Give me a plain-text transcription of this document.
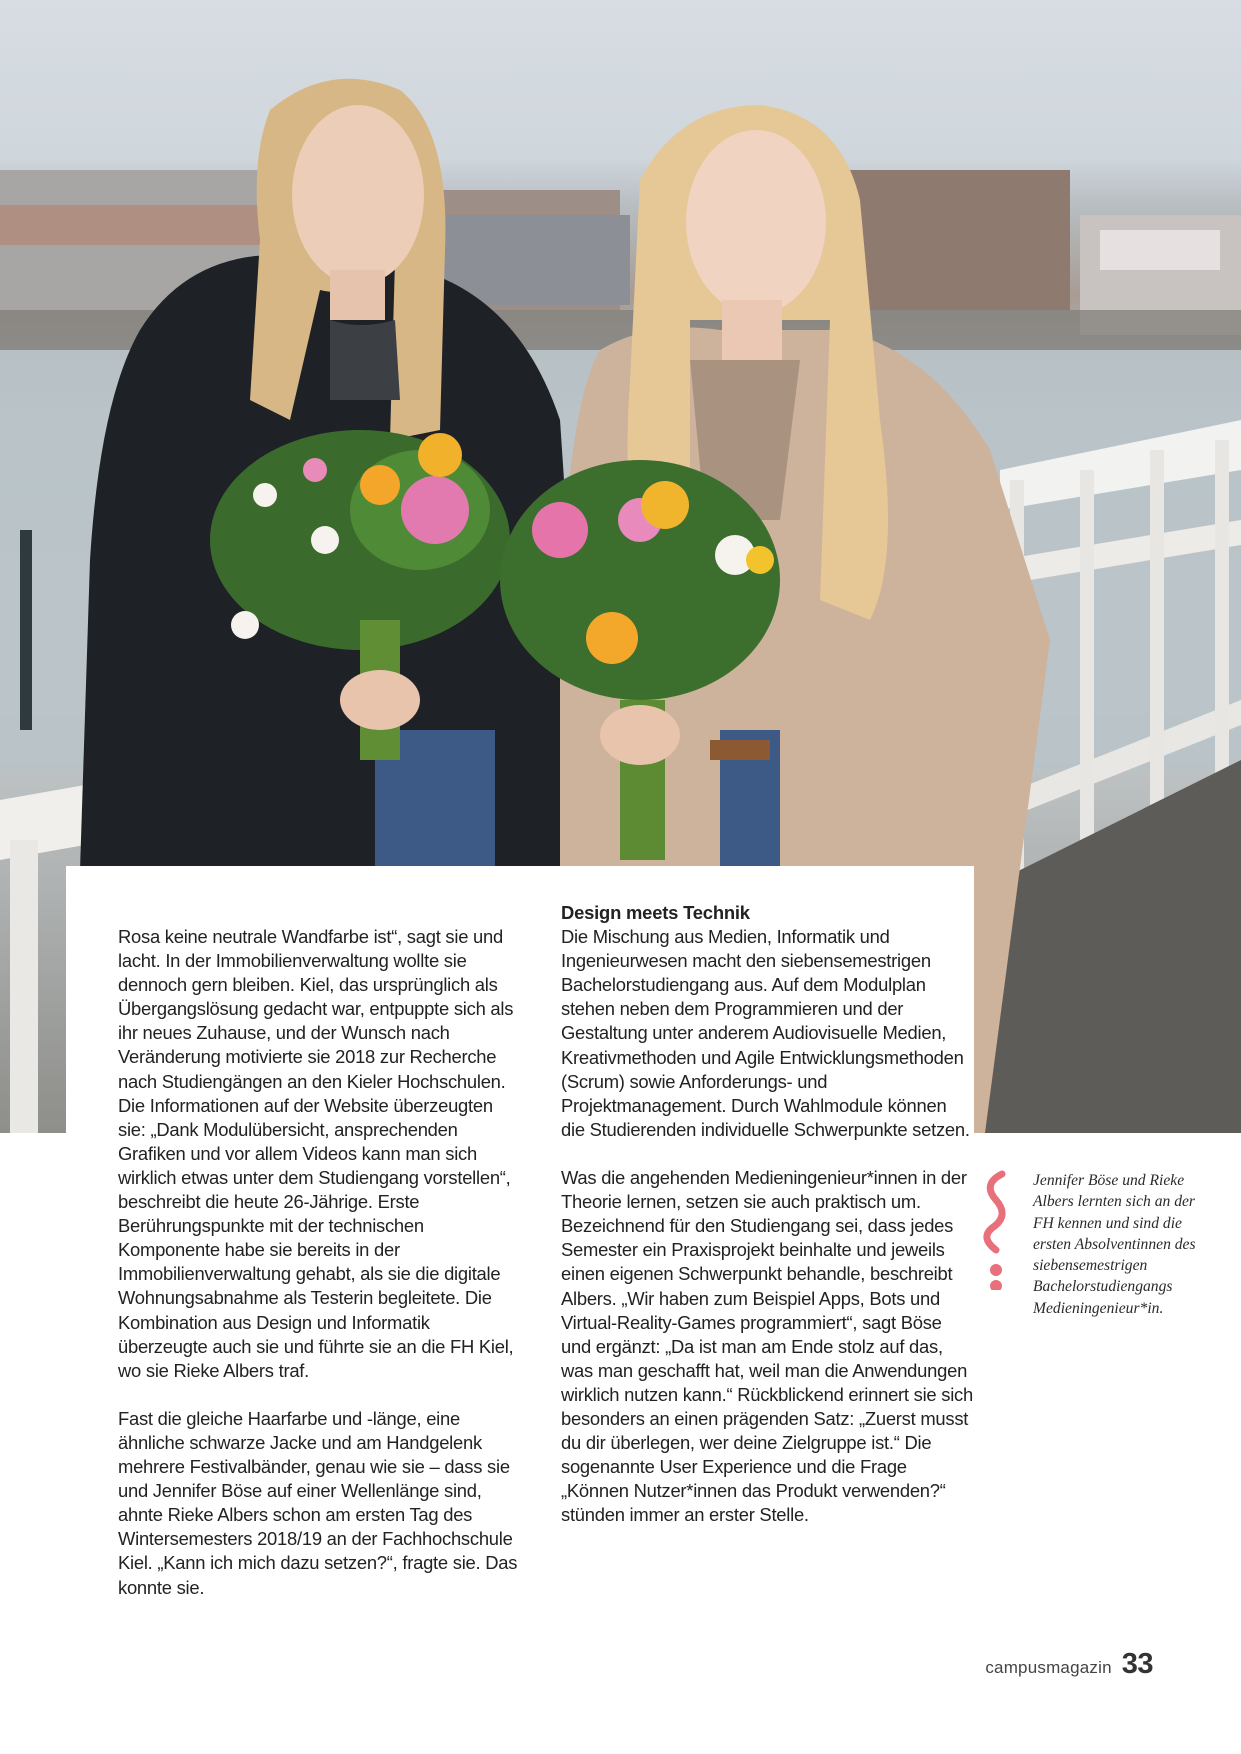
Rosa keine neutrale Wandfarbe ist“, sagt sie und lacht. In der Immobilienverwaltung wollte sie dennoch gern bleiben. Kiel, das ursprünglich als Übergangslösung gedacht war, entpuppte sich als ihr neues Zuhause, und der Wunsch nach Veränderung motivierte sie 2018 zur Recherche nach Studiengängen an den Kieler Hochschulen. Die Informationen auf der Website überzeugten sie: „Dank Modulübersicht, ansprechenden Grafiken und vor allem Videos kann man sich wirklich etwas unter dem Studiengang vorstellen“, beschreibt die heute 26-Jährige. Erste Berührungspunkte mit der technischen Komponente habe sie bereits in der Immobilienverwaltung gehabt, als sie die digitale Wohnungsabnahme als Testerin begleitete. Die Kombination aus Design und Informatik überzeugte auch sie und führte sie an die FH Kiel, wo sie Rieke Albers traf.

Fast die gleiche Haarfarbe und -länge, eine ähnliche schwarze Jacke und am Handgelenk mehrere Festivalbänder, genau wie sie – dass sie und Jennifer Böse auf einer Wellenlänge sind, ahnte Rieke Albers schon am ersten Tag des Wintersemesters 2018/19 an der Fachhochschule Kiel. „Kann ich mich dazu setzen?“, fragte sie. Das konnte sie.

Design meets Technik

Die Mischung aus Medien, Informatik und Ingenieurwesen macht den siebensemestrigen Bachelorstudiengang aus. Auf dem Modulplan stehen neben dem Programmieren und der Gestaltung unter anderem Audiovisuelle Medien, Kreativmethoden und Agile Entwicklungsmethoden (Scrum) sowie Anforderungs- und Projektmanagement. Durch Wahlmodule können die Studierenden individuelle Schwerpunkte setzen.

Was die angehenden Medieningenieur*innen in der Theorie lernen, setzen sie auch praktisch um. Bezeichnend für den Studiengang sei, dass jedes Semester ein Praxisprojekt beinhalte und jeweils einen eigenen Schwerpunkt behandle, beschreibt Albers. „Wir haben zum Beispiel Apps, Bots und Virtual-Reality-Games programmiert“, sagt Böse und ergänzt: „Da ist man am Ende stolz auf das, was man geschafft hat, weil man die Anwendungen wirklich nutzen kann.“ Rückblickend erinnert sie sich besonders an einen prägenden Satz: „Zuerst musst du dir überlegen, wer deine Zielgruppe ist.“ Die sogenannte User Experience und die Frage „Können Nutzer*innen das Produkt verwenden?“ stünden immer an erster Stelle.

Jennifer Böse und Rieke Albers lernten sich an der FH kennen und sind die ersten Absolventinnen des siebensemestrigen Bachelorstudiengangs Medieningenieur*in.
campusmagazin 33
